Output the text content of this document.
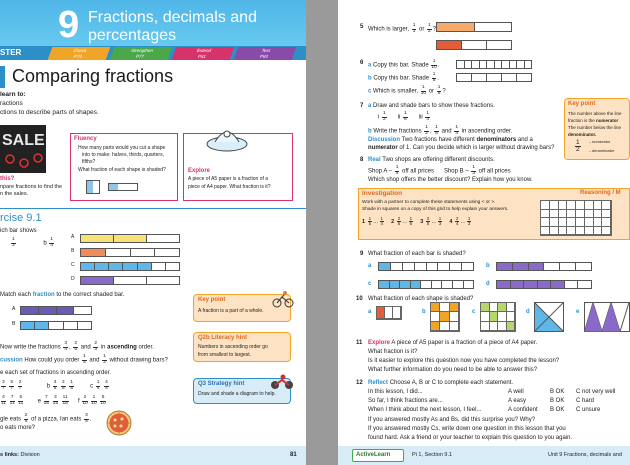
9 Fractions, decimals and
percentages
STER	Check
P74
Strengthen
P77
Extend
P81
Test
P84
Comparing fractions
learn to:
ractions
ctions to describe parts of shapes.
SALE
this?
npare fractions to find the
n the sales.
Fluency
How many parts would you cut a shape
into to make: halves, thirds, quarters,
fifths?
What fraction of each shape is shaded?	Explore
A piece of A5 paper is a fraction of a
piece of A4 paper. What fraction is it?
rcise 9.1
ich bar shows
$\frac{1}{3}$	b $\frac{1}{4}$
A
B
C
D
Match each fraction to the correct shaded bar.
A
B
Now write the fractions $\frac{3}{4}$ , $\frac{2}{5}$ and $\frac{2}{3}$ in ascending order.
cussion How could you order $\frac{1}{4}$ and $\frac{1}{3}$ without drawing bars?
e each set of fractions in ascending order.
$\frac{3}{7}$
$\frac{5}{7}$
$\frac{2}{7}$ b $\frac{4}{5}$
$\frac{2}{5}$
$\frac{1}{5}$ c $\frac{1}{4}$
$\frac{4}{4}$
$\frac{4}{11}$
$\frac{7}{11}$
$\frac{5}{11}$ e $\frac{7}{15}$
$\frac{3}{15}$
$\frac{11}{15}$ f $\frac{2}{10}$
$\frac{1}{10}$
$\frac{5}{10}$
gle eats $\frac{2}{5}$ of a pizza. Ian eats $\frac{3}{5}$ .
o eats more?
Key point
A fraction is a part of a whole.
Q2b Literacy hint
Numbers in ascending order go
from smallest to largest.
Q3 Strategy hint
Draw and shade a diagram to help.
s links: Division	81
5 Which is larger, $\frac{1}{3}$ or $\frac{1}{2}$ ?
6 a Copy this bar. Shade $\frac{1}{10}$ .
b Copy this bar. Shade $\frac{1}{5}$ .
c Which is smaller, $\frac{1}{10}$ or $\frac{1}{5}$ ?
7 a Draw and shade bars to show these fractions.
i $\frac{1}{2}$ ii $\frac{1}{8}$ iii $\frac{1}{4}$
b Write the fractions $\frac{1}{2}$ , $\frac{1}{8}$ and $\frac{1}{4}$ in ascending order.
Discussion Two fractions have different denominators and a
numerator of 1. Can you decide which is larger without drawing bars?
Key point
The number above the line
fraction is the numerator
The number below the line
denominator.
$\frac{1}{2}$ ←numerator
←denominator
8 Real Two shops are offering different discounts.
Shop A – $\frac{1}{4}$ off all prices Shop B – $\frac{1}{3}$ off all prices
Which shop offers the better discount? Explain how you know.
Investigation	Reasoning / M
Work with a partner to complete these statements using < or >.
Shade in squares on a copy of this grid to help explain your answers.
$1 \frac{1}{5}$ … $\frac{1}{4} 2 \frac{2}{5}$ … $\frac{1}{6} 3 \frac{2}{5}$ … $\frac{1}{3} 4 \frac{2}{4}$ … $\frac{1}{3}$
9 What fraction of each bar is shaded?
a	b
c	d
10 What fraction of each shape is shaded?
a	b	c	d	e
11 Explore A piece of A5 paper is a fraction of a piece of A4 paper.
What fraction is it?
Is it easier to explore this question now you have completed the lesson?
What further information do you need to be able to answer this?
12 Reflect Choose A, B or C to complete each statement.
In this lesson, I did...	A well	B OK C not very well
So far, I think fractions are...	A easy	B OK C hard
When I think about the next lesson, I feel...	A confident B OK C unsure
If you answered mostly As and Bs, did this surprise you? Why?
If you answered mostly Cs, write down one question in this lesson that you
found hard. Ask a friend or your teacher to explain this question to you again.
ActiveLearn	Pi 1, Section 9.1	Unit 9 Fractions, decimals and
